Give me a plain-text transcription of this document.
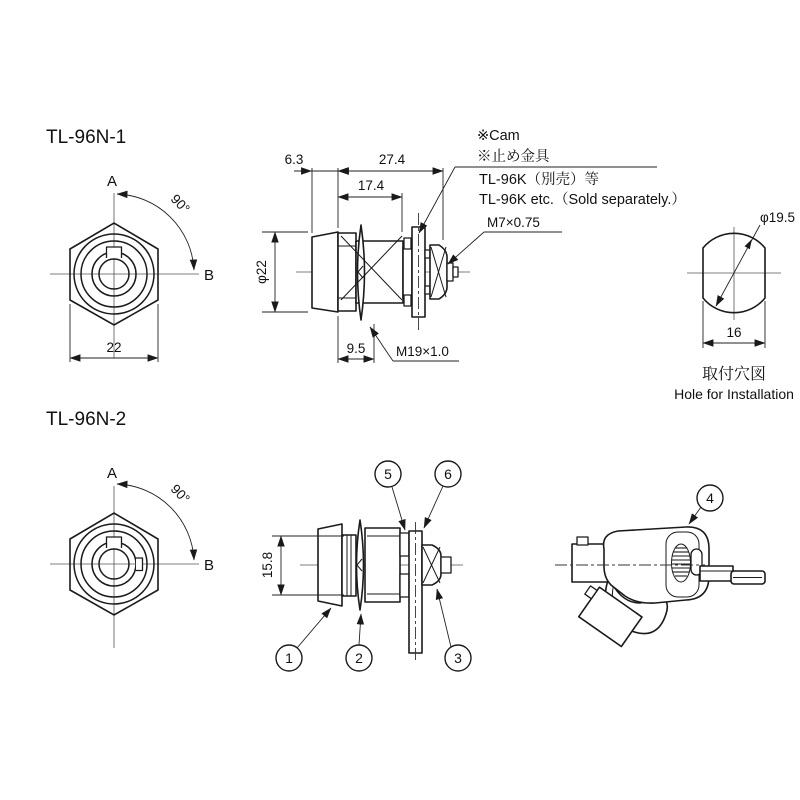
TL-96N-1
A
B
90°
22
6.3	27.4
17.4
φ22
9.5 M19×1.0
M7×0.75
※Cam
※止め金具
TL-96K（別売）等
TL-96K etc.（Sold separately.）
φ19.5
16
取付穴図
Hole for Installation
TL-96N-2
A
B
90°
15.8
1	2	3
5	6
4
